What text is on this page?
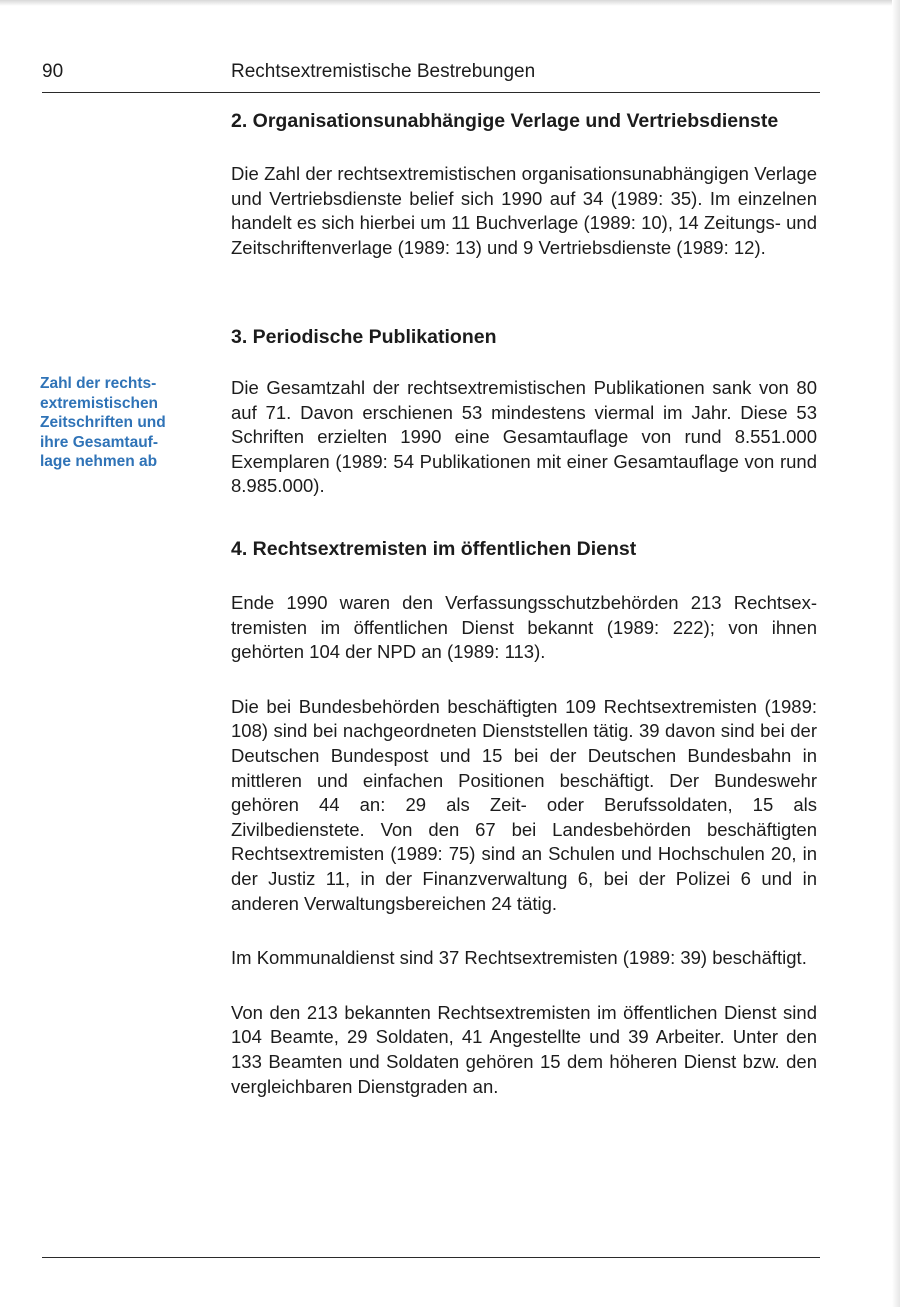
90	Rechtsextremistische Bestrebungen
2. Organisationsunabhängige Verlage und Vertriebsdienste

Die Zahl der rechtsextremistischen organisationsunabhängigen Verlage und Vertriebsdienste belief sich 1990 auf 34 (1989: 35). Im einzelnen handelt es sich hierbei um 11 Buchverlage (1989: 10), 14 Zeitungs- und Zeitschriftenverlage (1989: 13) und 9 Vertriebsdienste (1989: 12).

3. Periodische Publikationen

Die Gesamtzahl der rechtsextremistischen Publikationen sank von 80 auf 71. Davon erschienen 53 mindestens viermal im Jahr. Diese 53 Schriften erzielten 1990 eine Gesamtauflage von rund 8.551.000 Exemplaren (1989: 54 Publikationen mit einer Gesamtauflage von rund 8.985.000).

Zahl der rechts-
extremistischen
Zeitschriften und
ihre Gesamtauf-
lage nehmen ab
4. Rechtsextremisten im öffentlichen Dienst

Ende 1990 waren den Verfassungsschutzbehörden 213 Rechtsextremisten im öffentlichen Dienst bekannt (1989: 222); von ihnen gehörten 104 der NPD an (1989: 113).

Die bei Bundesbehörden beschäftigten 109 Rechtsextremisten (1989: 108) sind bei nachgeordneten Dienststellen tätig. 39 davon sind bei der Deutschen Bundespost und 15 bei der Deutschen Bundesbahn in mittleren und einfachen Positionen beschäftigt. Der Bundeswehr gehören 44 an: 29 als Zeit- oder Berufssoldaten, 15 als Zivilbedienstete. Von den 67 bei Landesbehörden beschäftigten Rechtsextremisten (1989: 75) sind an Schulen und Hochschulen 20, in der Justiz 11, in der Finanzverwaltung 6, bei der Polizei 6 und in anderen Verwaltungsbereichen 24 tätig.

Im Kommunaldienst sind 37 Rechtsextremisten (1989: 39) beschäftigt.

Von den 213 bekannten Rechtsextremisten im öffentlichen Dienst sind 104 Beamte, 29 Soldaten, 41 Angestellte und 39 Arbeiter. Unter den 133 Beamten und Soldaten gehören 15 dem höheren Dienst bzw. den vergleichbaren Dienstgraden an.
